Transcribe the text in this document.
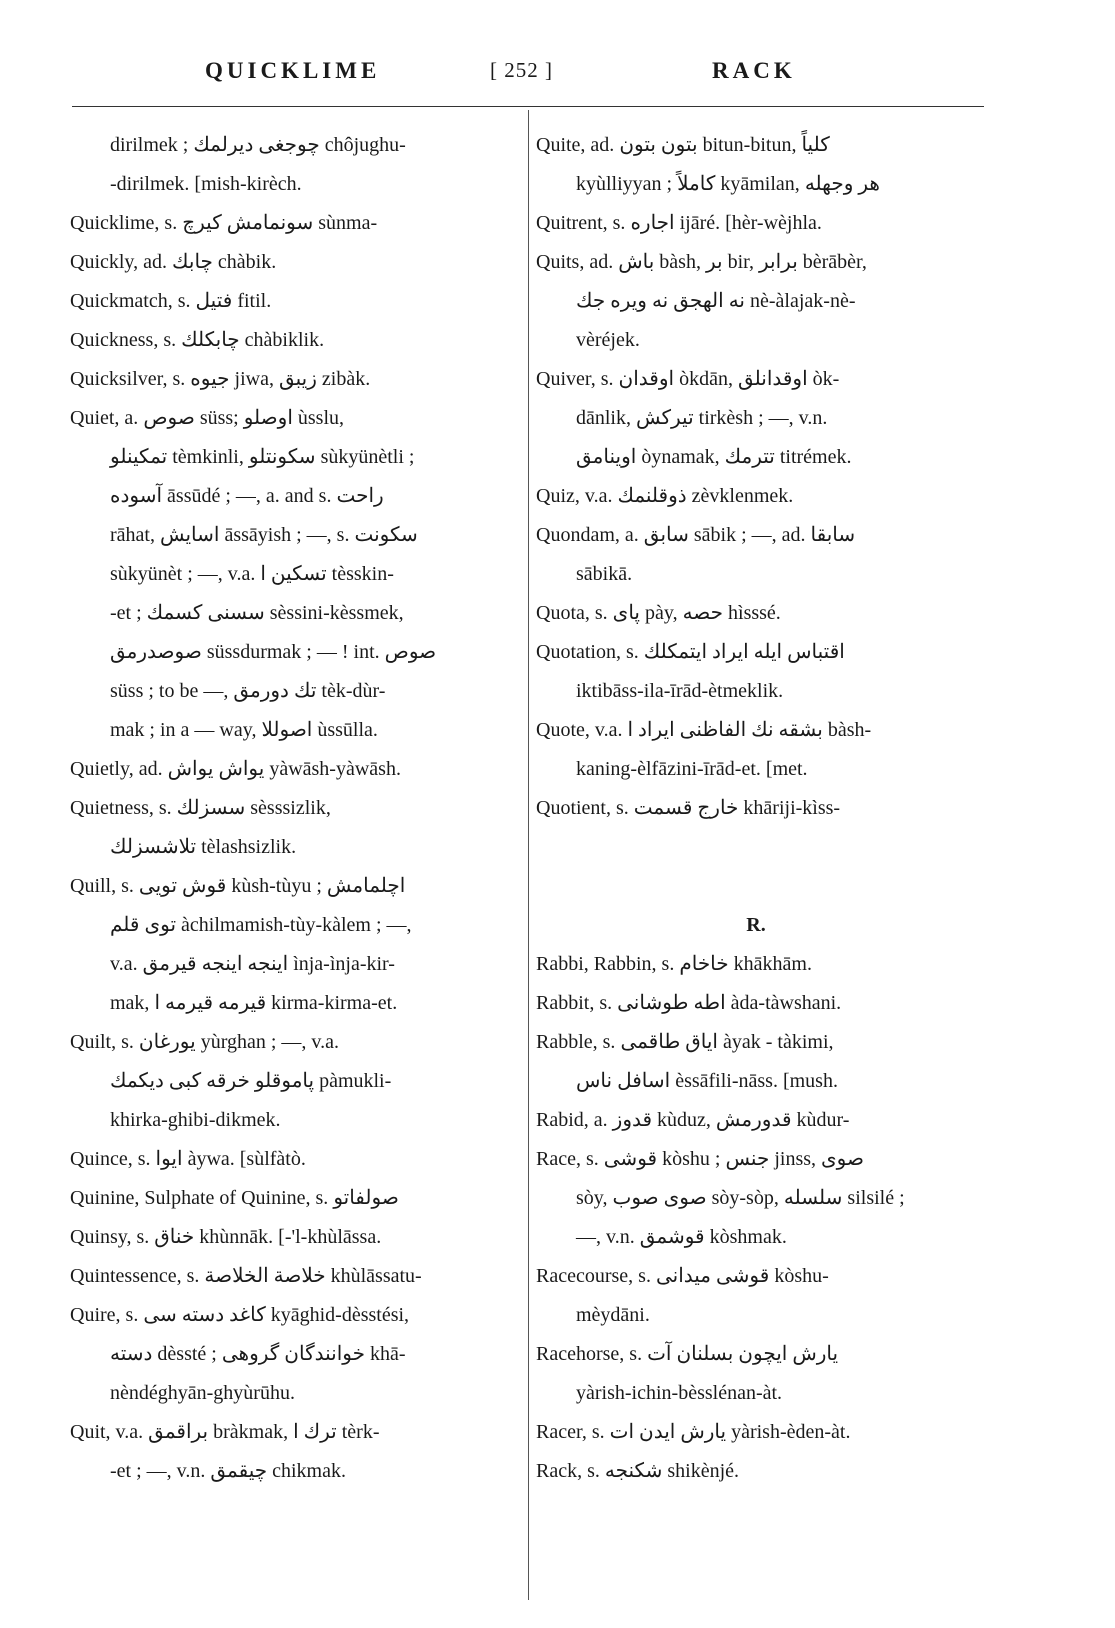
QUICKLIME	[ 252 ]	RACK
dirilmek ; چوجغی دیرلمك chôjughu-
-dirilmek. [mish-kirèch.
Quicklime, s. سونمامش کیرچ sùnma-
Quickly, ad. چابك chàbik.
Quickmatch, s. فتيل fitil.
Quickness, s. چابکلك chàbiklik.
Quicksilver, s. جيوه jiwa, زيبق zibàk.
Quiet, a. صوص süss; اوصلو ùsslu,
تمکينلو tèmkinli, سکونتلو sùkyünètli ;
آسوده āssūdé ; —, a. and s. راحت
rāhat, اسايش āssāyish ; —, s. سکونت
sùkyünèt ; —, v.a. تسکين ا tèsskin-
-et ; سسنی کسمك sèssini-kèssmek,
صوصدرمق süssdurmak ; — ! int. صوص
süss ; to be —, تك دورمق tèk-dùr-
mak ; in a — way, اصوللا ùssūlla.
Quietly, ad. يواش يواش yàwāsh-yàwāsh.
Quietness, s. سسزلك sèsssizlik,
تلاشسزلك tèlashsizlik.
Quill, s. قوش تويی kùsh-tùyu ; اچلمامش
توی قلم àchilmamish-tùy-kàlem ; —,
v.a. اينجه اينجه قيرمق ìnja-ìnja-kir-
mak, قيرمه قيرمه ا kirma-kirma-et.
Quilt, s. يورغان yùrghan ; —, v.a.
پاموقلو خرقه كبی ديكمك pàmukli-
khirka-ghibi-dikmek.
Quince, s. ايوا àywa. [sùlfàtò.
Quinine, Sulphate of Quinine, s. صولفاتو
Quinsy, s. خناق khùnnāk. [-'l-khùlāssa.
Quintessence, s. خلاصة الخلاصة khùlāssatu-
Quire, s. كاغد دسته سی kyāghid-dèsstési,
دسته dèssté ; خوانندگان گروهی khā-
nèndéghyān-ghyùrūhu.
Quit, v.a. براقمق bràkmak, ترك ا tèrk-
-et ; —, v.n. چيقمق chikmak.
Quite, ad. بتون بتون bitun-bitun, كلياً
kyùlliyyan ; كاملاً kyāmilan, هر وجهله
Quitrent, s. اجاره ijāré. [hèr-wèjhla.
Quits, ad. باش bàsh, بر bir, برابر bèrābèr,
نه الهجق نه ويره جك nè-àlajak-nè-
vèréjek.
Quiver, s. اوقدان òkdān, اوقدانلق òk-
dānlik, تيركش tirkèsh ; —, v.n.
اوينامق òynamak, تترمك titrémek.
Quiz, v.a. ذوقلنمك zèvklenmek.
Quondam, a. سابق sābik ; —, ad. سابقا
sābikā.
Quota, s. پای pày, حصه hìsssé.
Quotation, s. اقتباس ايله ايراد ايتمكلك
iktibāss-ila-īrād-ètmeklik.
Quote, v.a. بشقه نك الفاظنی ايراد ا bàsh-
kaning-èlfāzini-īrād-et. [met.
Quotient, s. خارج قسمت khāriji-kìss-
R.
Rabbi, Rabbin, s. خاخام khākhām.
Rabbit, s. اطه طوشانی àda-tàwshani.
Rabble, s. اياق طاقمی àyak - tàkimi,
اسافل ناس èssāfili-nāss. [mush.
Rabid, a. قدوز kùduz, قدورمش kùdur-
Race, s. قوشی kòshu ; جنس jinss, صوی
sòy, صوی صوب sòy-sòp, سلسله silsilé ;
—, v.n. قوشمق kòshmak.
Racecourse, s. قوشی ميدانی kòshu-
mèydāni.
Racehorse, s. يارش ايچون بسلنان آت
yàrish-ichin-bèsslénan-àt.
Racer, s. يارش ايدن ات yàrish-èden-àt.
Rack, s. شكنجه shikènjé.
